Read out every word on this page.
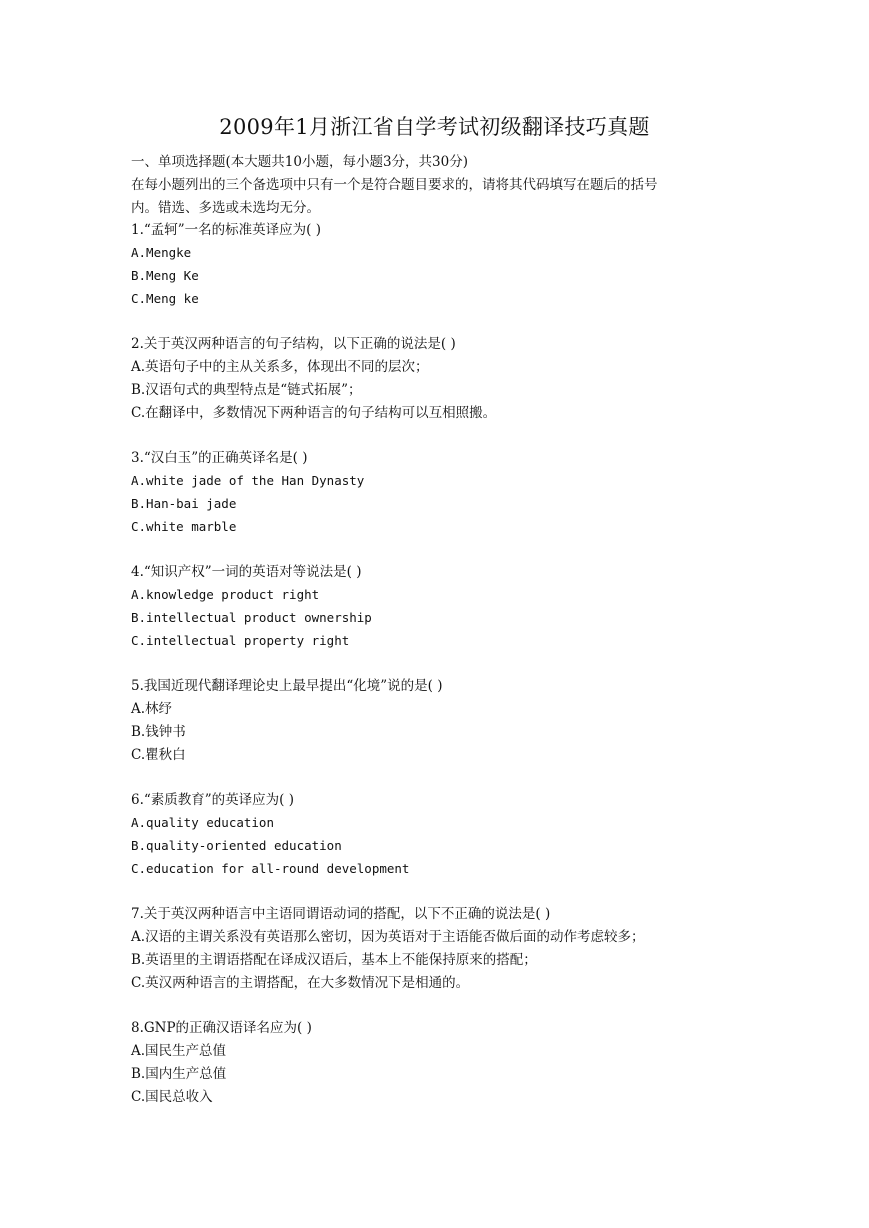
2009年1月浙江省自学考试初级翻译技巧真题
一、单项选择题(本大题共10小题，每小题3分，共30分)
在每小题列出的三个备选项中只有一个是符合题目要求的，请将其代码填写在题后的括号
内。错选、多选或未选均无分。
1.“孟轲”一名的标准英译应为( )
A.Mengke
B.Meng Ke
C.Meng ke
2.关于英汉两种语言的句子结构，以下正确的说法是( )
A.英语句子中的主从关系多，体现出不同的层次；
B.汉语句式的典型特点是“链式拓展”；
C.在翻译中，多数情况下两种语言的句子结构可以互相照搬。
3.“汉白玉”的正确英译名是( )
A.white jade of the Han Dynasty
B.Han-bai jade
C.white marble
4.“知识产权”一词的英语对等说法是( )
A.knowledge product right
B.intellectual product ownership
C.intellectual property right
5.我国近现代翻译理论史上最早提出“化境”说的是( )
A.林纾
B.钱钟书
C.瞿秋白
6.“素质教育”的英译应为( )
A.quality education
B.quality-oriented education
C.education for all-round development
7.关于英汉两种语言中主语同谓语动词的搭配，以下不正确的说法是( )
A.汉语的主谓关系没有英语那么密切，因为英语对于主语能否做后面的动作考虑较多；
B.英语里的主谓语搭配在译成汉语后，基本上不能保持原来的搭配；
C.英汉两种语言的主谓搭配，在大多数情况下是相通的。
8.GNP的正确汉语译名应为( )
A.国民生产总值
B.国内生产总值
C.国民总收入
